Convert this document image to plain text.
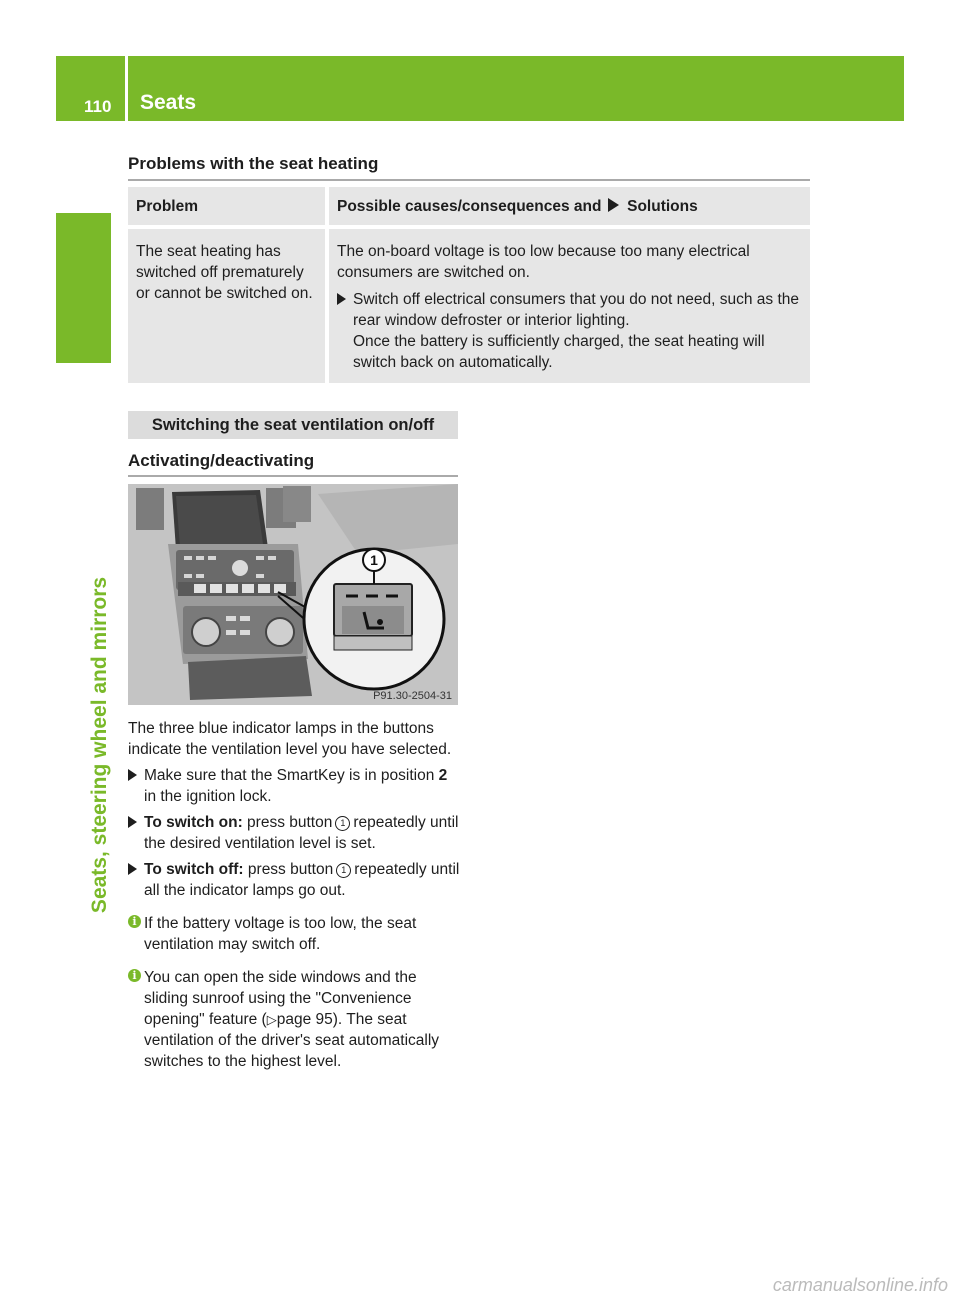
110 Seats
Seats, steering wheel and mirrors
Problems with the seat heating
Problem	Possible causes/consequences and Solutions
The seat heating has switched off prematurely or cannot be switched on.	The on-board voltage is too low because too many electrical consumers are switched on.
Switch off electrical consumers that you do not need, such as the rear window defroster or interior lighting.
Once the battery is sufficiently charged, the seat heating will switch back on automatically.
Switching the seat ventilation on/off
Activating/deactivating
1
P91.30-2504-31

The three blue indicator lamps in the buttons indicate the ventilation level you have selected.

Make sure that the SmartKey is in position 2 in the ignition lock.
To switch on: press button 1 repeatedly until the desired ventilation level is set.
To switch off: press button 1 repeatedly until all the indicator lamps go out.
i If the battery voltage is too low, the seat ventilation may switch off.
i You can open the side windows and the sliding sunroof using the "Convenience opening" feature (▷page 95). The seat ventilation of the driver's seat automatically switches to the highest level.
carmanualsonline.info
